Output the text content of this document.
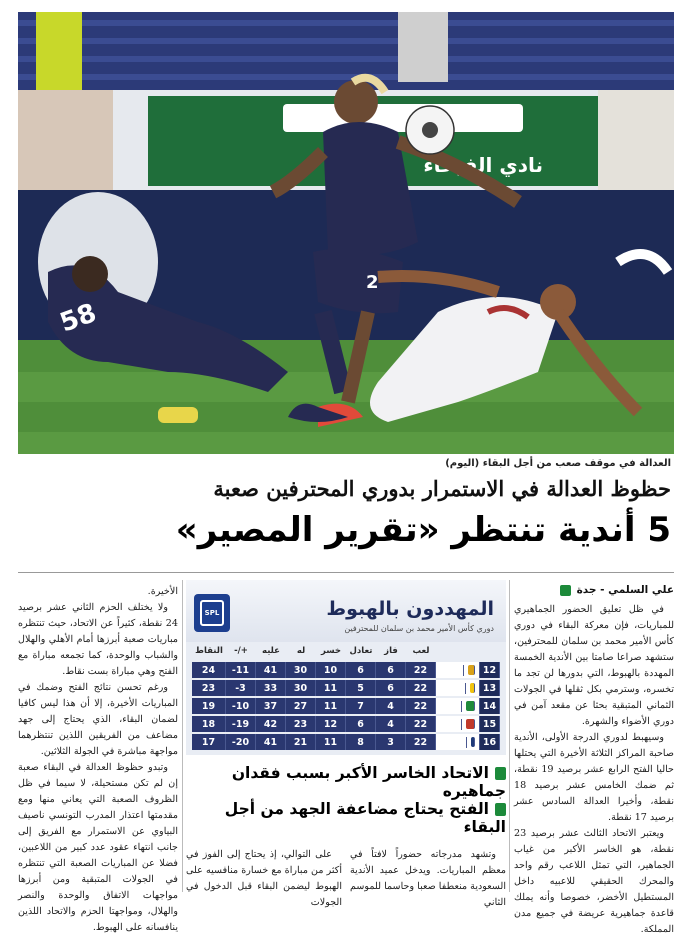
نادي الفيحاء
58
2
العدالة في موقف صعب من أجل البقاء (اليوم)
حظوظ العدالة في الاستمرار بدوري المحترفين صعبة
5 أندية تنتظر «تقرير المصير»
علي السلمي - جدة

في ظل تعليق الحضور الجماهيري للمباريات، فإن معركة البقاء في دوري كأس الأمير محمد بن سلمان للمحترفين، ستشهد صراعا صامتا بين الأندية الخمسة المهددة بالهبوط، التي بدورها لن تجد ما تخسره، وسترمي بكل ثقلها في الجولات الثماني المتبقية بحثا عن مقعد آمن في دوري الأضواء والشهرة.

وسيهبط لدوري الدرجة الأولى، الأندية صاحبة المراكز الثلاثة الأخيرة التي يحتلها حاليا الفتح الرابع عشر برصيد 19 نقطة، ثم ضمك الخامس عشر برصيد 18 نقطة، وأخيرا العدالة السادس عشر برصيد 17 نقطة.

ويعتبر الاتحاد الثالث عشر برصيد 23 نقطة، هو الخاسر الأكبر من غياب الجماهير، التي تمثل اللاعب رقم واحد والمحرك الحقيقي للاعبيه داخل المستطيل الأخضر، خصوصا وأنه يملك قاعدة جماهيرية عريضة في جميع مدن المملكة.

SPL	المهددون بالهبوط
دوري كأس الأمير محمد بن سلمان للمحترفين
النقاط	-/+	عليه	له	خسر	تعادل	فاز	لعب
24	-11	41	30	10	6	6	22 الحزم	12
23	-3	33	30	11	5	6	22 الاتحاد	13
19	-10	37	27	11	7	4	22	الفتح	14
18	-19	42	23	12	6	4	22 ضمك	15
17	-20	41	21	11	8	3	22 العدالة	16
الاتحاد الخاسر الأكبر بسبب فقدان جماهيره
الفتح يحتاج مضاعفة الجهد من أجل البقاء

وتشهد مدرجاته حضوراً لافتاً في معظم المباريات. ويدخل عميد الأندية السعودية منعطفا صعبا وحاسما للموسم الثاني

على التوالي، إذ يحتاج إلى الفوز في أكثر من مباراة مع خسارة منافسيه على الهبوط ليضمن البقاء قبل الدخول في الجولات

الأخيرة.

ولا يختلف الحزم الثاني عشر برصيد 24 نقطة، كثيراً عن الاتحاد، حيث تنتظره مباريات صعبة أبرزها أمام الأهلي والهلال والشباب والوحدة، كما تجمعه مباراة مع الفتح وهي مباراة بست نقاط.

ورغم تحسن نتائج الفتح وضمك في المباريات الأخيرة، إلا أن هذا ليس كافيا لضمان البقاء، الذي يحتاج إلى جهد مضاعف من الفريقين اللذين تنتظرهما مواجهة مباشرة في الجولة الثلاثين.

وتبدو حظوظ العدالة في البقاء صعبة إن لم تكن مستحيلة، لا سيما في ظل الظروف الصعبة التي يعاني منها ومع مقدمتها اعتذار المدرب التونسي ناصيف البياوي عن الاستمرار مع الفريق إلى جانب انتهاء عقود عدد كبير من اللاعبين، فضلا عن المباريات الصعبة التي تنتظره في الجولات المتبقية ومن أبرزها مواجهات الاتفاق والوحدة والنصر والهلال، ومواجهتا الحزم والاتحاد اللذين ينافسانه على الهبوط.
